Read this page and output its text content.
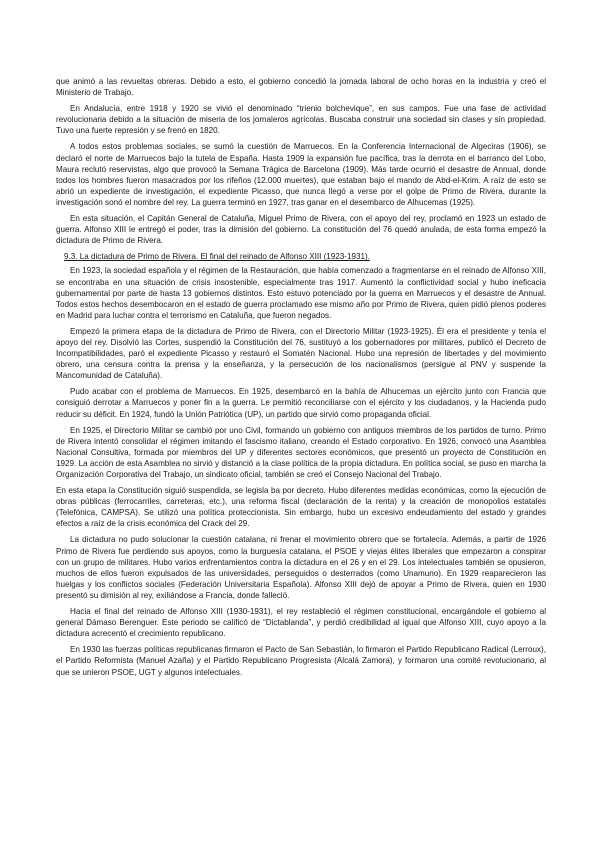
que animó a las revueltas obreras. Debido a esto, el gobierno concedió la jornada laboral de ocho horas en la industria y creó el Ministerio de Trabajo.

En Andalucía, entre 1918 y 1920 se vivió el denominado “trienio bolchevique”, en sus campos. Fue una fase de actividad revolucionaria debido a la situación de miseria de los jornaleros agrícolas. Buscaba construir una sociedad sin clases y sin propiedad. Tuvo una fuerte represión y se frenó en 1820.

A todos estos problemas sociales, se sumó la cuestión de Marruecos. En la Conferencia Internacional de Algeciras (1906), se declaró el norte de Marruecos bajo la tutela de España. Hasta 1909 la expansión fue pacífica, tras la derrota en el barranco del Lobo, Maura reclutó reservistas, algo que provocó la Semana Trágica de Barcelona (1909). Más tarde ocurrió el desastre de Annual, donde todos los hombres fueron masacrados por los rifeños (12.000 muertes), que estaban bajo el mando de Abd-el-Krim. A raíz de esto se abrió un expediente de investigación, el expediente Picasso, que nunca llegó a verse por el golpe de Primo de Rivera, durante la investigación sonó el nombre del rey. La guerra terminó en 1927, tras ganar en el desembarco de Alhucemas (1925).

En esta situación, el Capitán General de Cataluña, Miguel Primo de Rivera, con el apoyo del rey, proclamó en 1923 un estado de guerra. Alfonso XIII le entregó el poder, tras la dimisión del gobierno. La constitución del 76 quedó anulada, de esta forma empezó la dictadura de Primo de Rivera.

9.3. La dictadura de Primo de Rivera. El final del reinado de Alfonso XIII (1923-1931).

En 1923, la sociedad española y el régimen de la Restauración, que había comenzado a fragmentarse en el reinado de Alfonso XIII, se encontraba en una situación de crisis insostenible, especialmente tras 1917. Aumentó la conflictividad social y hubo ineficacia gubernamental por parte de hasta 13 gobiernos distintos. Esto estuvo potenciado por la guerra en Marruecos y el desastre de Annual. Todos estos hechos desembocaron en el estado de guerra proclamado ese mismo año por Primo de Rivera, quien pidió plenos poderes en Madrid para luchar contra el terrorismo en Cataluña, que fueron negados.

Empezó la primera etapa de la dictadura de Primo de Rivera, con el Directorio Militar (1923-1925). Él era el presidente y tenía el apoyo del rey. Disolvió las Cortes, suspendió la Constitución del 76, sustituyó a los gobernadores por militares, publicó el Decreto de Incompatibilidades, paró el expediente Picasso y restauró el Somatén Nacional. Hubo una represión de libertades y del movimiento obrero, una censura contra la prensa y la enseñanza, y la persecución de los nacionalismos (persigue al PNV y suspende la Mancomunidad de Cataluña).

Pudo acabar con el problema de Marruecos. En 1925, desembarcó en la bahía de Alhucemas un ejército junto con Francia que consiguió derrotar a Marruecos y poner fin a la guerra. Le permitió reconciliarse con el ejército y los ciudadanos, y la Hacienda pudo reducir su déficit. En 1924, fundó la Unión Patriótica (UP), un partido que sirvió como propaganda oficial.

En 1925, el Directorio Militar se cambió por uno Civil, formando un gobierno con antiguos miembros de los partidos de turno. Primo de Rivera intentó consolidar el régimen imitando el fascismo italiano, creando el Estado corporativo. En 1926, convocó una Asamblea Nacional Consultiva, formada por miembros del UP y diferentes sectores económicos, que presentó un proyecto de Constitución en 1929. La acción de esta Asamblea no sirvió y distanció a la clase política de la propia dictadura. En política social, se puso en marcha la Organización Corporativa del Trabajo, un sindicato oficial, también se creó el Consejo Nacional del Trabajo.

En esta etapa la Constitución siguió suspendida, se legisla ba por decreto. Hubo diferentes medidas económicas, como la ejecución de obras públicas (ferrocarriles, carreteras, etc.), una reforma fiscal (declaración de la renta) y la creación de monopolios estatales (Telefónica, CAMPSA). Se utilizó una política proteccionista. Sin embargo, hubo un excesivo endeudamiento del estado y grandes efectos a raíz de la crisis económica del Crack del 29.

La dictadura no pudo solucionar la cuestión catalana, ni frenar el movimiento obrero que se fortalecía. Además, a partir de 1926 Primo de Rivera fue perdiendo sus apoyos, como la burguesía catalana, el PSOE y viejas élites liberales que empezaron a conspirar con un grupo de militares. Hubo varios enfrentamientos contra la dictadura en el 26 y en el 29. Los intelectuales también se opusieron, muchos de ellos fueron expulsados de las universidades, perseguidos o desterrados (como Unamuno). En 1929 reaparecieron las huelgas y los conflictos sociales (Federación Universitaria Española). Alfonso XIII dejó de apoyar a Primo de Rivera, quien en 1930 presentó su dimisión al rey, exiliándose a Francia, donde falleció.

Hacia el final del reinado de Alfonso XIII (1930-1931), el rey restableció el régimen constitucional, encargándole el gobierno al general Dámaso Berenguer. Este periodo se calificó de “Dictablanda”, y perdió credibilidad al igual que Alfonso XIII, cuyo apoyo a la dictadura acrecentó el crecimiento republicano.

En 1930 las fuerzas políticas republicanas firmaron el Pacto de San Sebastián, lo firmaron el Partido Republicano Radical (Lerroux), el Partido Reformista (Manuel Azaña) y el Partido Republicano Progresista (Alcalá Zamora), y formaron una comité revolucionario, al que se unieron PSOE, UGT y algunos intelectuales.
